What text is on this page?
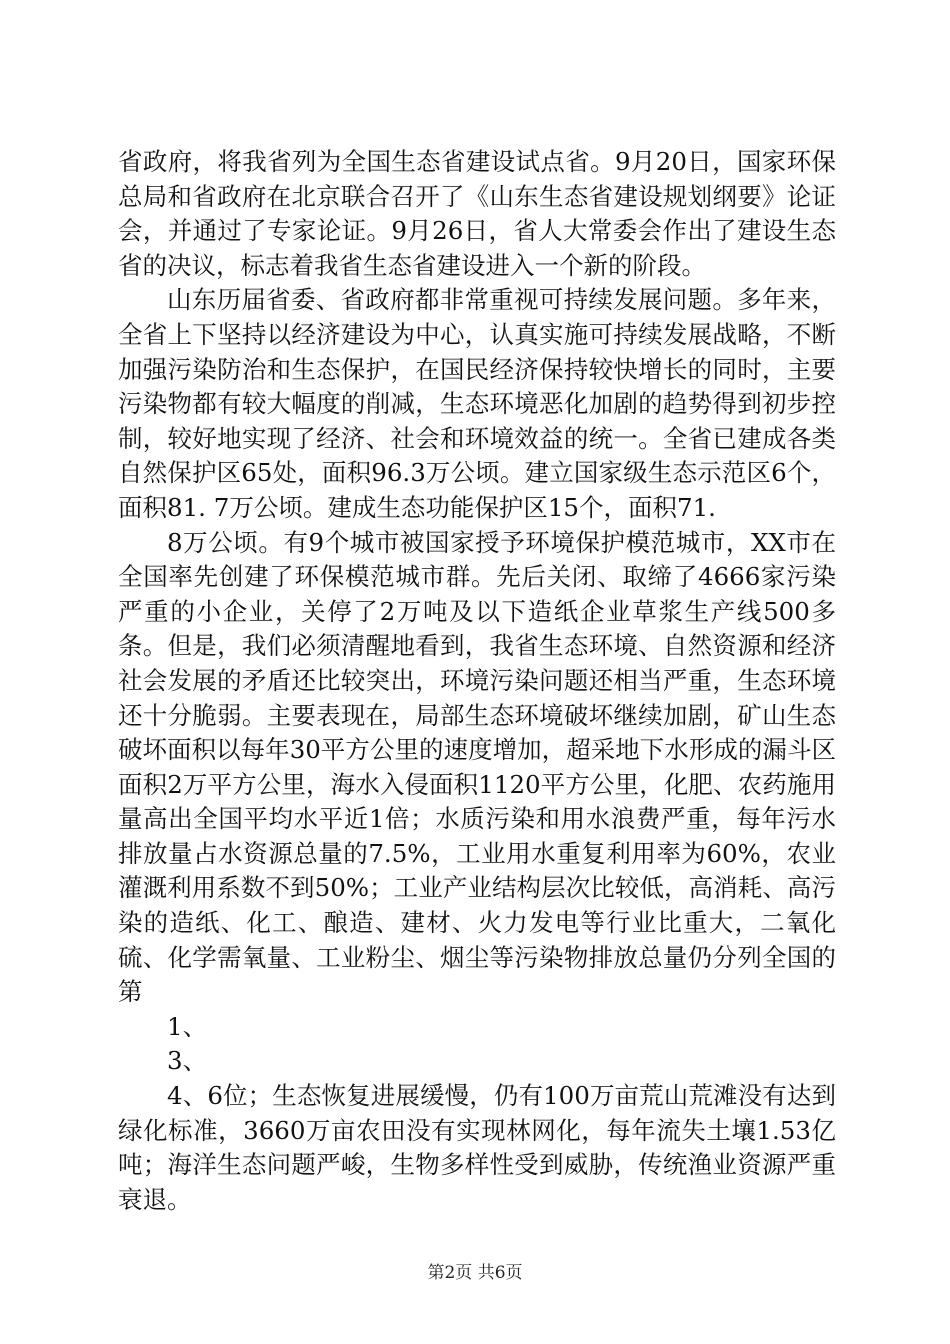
省政府，将我省列为全国生态省建设试点省。9月20日，国家环保总局和省政府在北京联合召开了《山东生态省建设规划纲要》论证会，并通过了专家论证。9月26日，省人大常委会作出了建设生态省的决议，标志着我省生态省建设进入一个新的阶段。

山东历届省委、省政府都非常重视可持续发展问题。多年来，全省上下坚持以经济建设为中心，认真实施可持续发展战略，不断加强污染防治和生态保护，在国民经济保持较快增长的同时，主要污染物都有较大幅度的削减，生态环境恶化加剧的趋势得到初步控制，较好地实现了经济、社会和环境效益的统一。全省已建成各类自然保护区65处，面积96.3万公顷。建立国家级生态示范区6个，面积81. 7万公顷。建成生态功能保护区15个，面积71.

8万公顷。有9个城市被国家授予环境保护模范城市，XX市在全国率先创建了环保模范城市群。先后关闭、取缔了4666家污染严重的小企业，关停了2万吨及以下造纸企业草浆生产线500多条。但是，我们必须清醒地看到，我省生态环境、自然资源和经济社会发展的矛盾还比较突出，环境污染问题还相当严重，生态环境还十分脆弱。主要表现在，局部生态环境破坏继续加剧，矿山生态破坏面积以每年30平方公里的速度增加，超采地下水形成的漏斗区面积2万平方公里，海水入侵面积1120平方公里，化肥、农药施用量高出全国平均水平近1倍；水质污染和用水浪费严重，每年污水排放量占水资源总量的7.5%，工业用水重复利用率为60%，农业灌溉利用系数不到50%；工业产业结构层次比较低，高消耗、高污染的造纸、化工、酿造、建材、火力发电等行业比重大，二氧化硫、化学需氧量、工业粉尘、烟尘等污染物排放总量仍分列全国的第

1、

3、

4、6位；生态恢复进展缓慢，仍有100万亩荒山荒滩没有达到绿化标准，3660万亩农田没有实现林网化，每年流失土壤1.53亿吨；海洋生态问题严峻，生物多样性受到威胁，传统渔业资源严重衰退。

第2页 共6页
